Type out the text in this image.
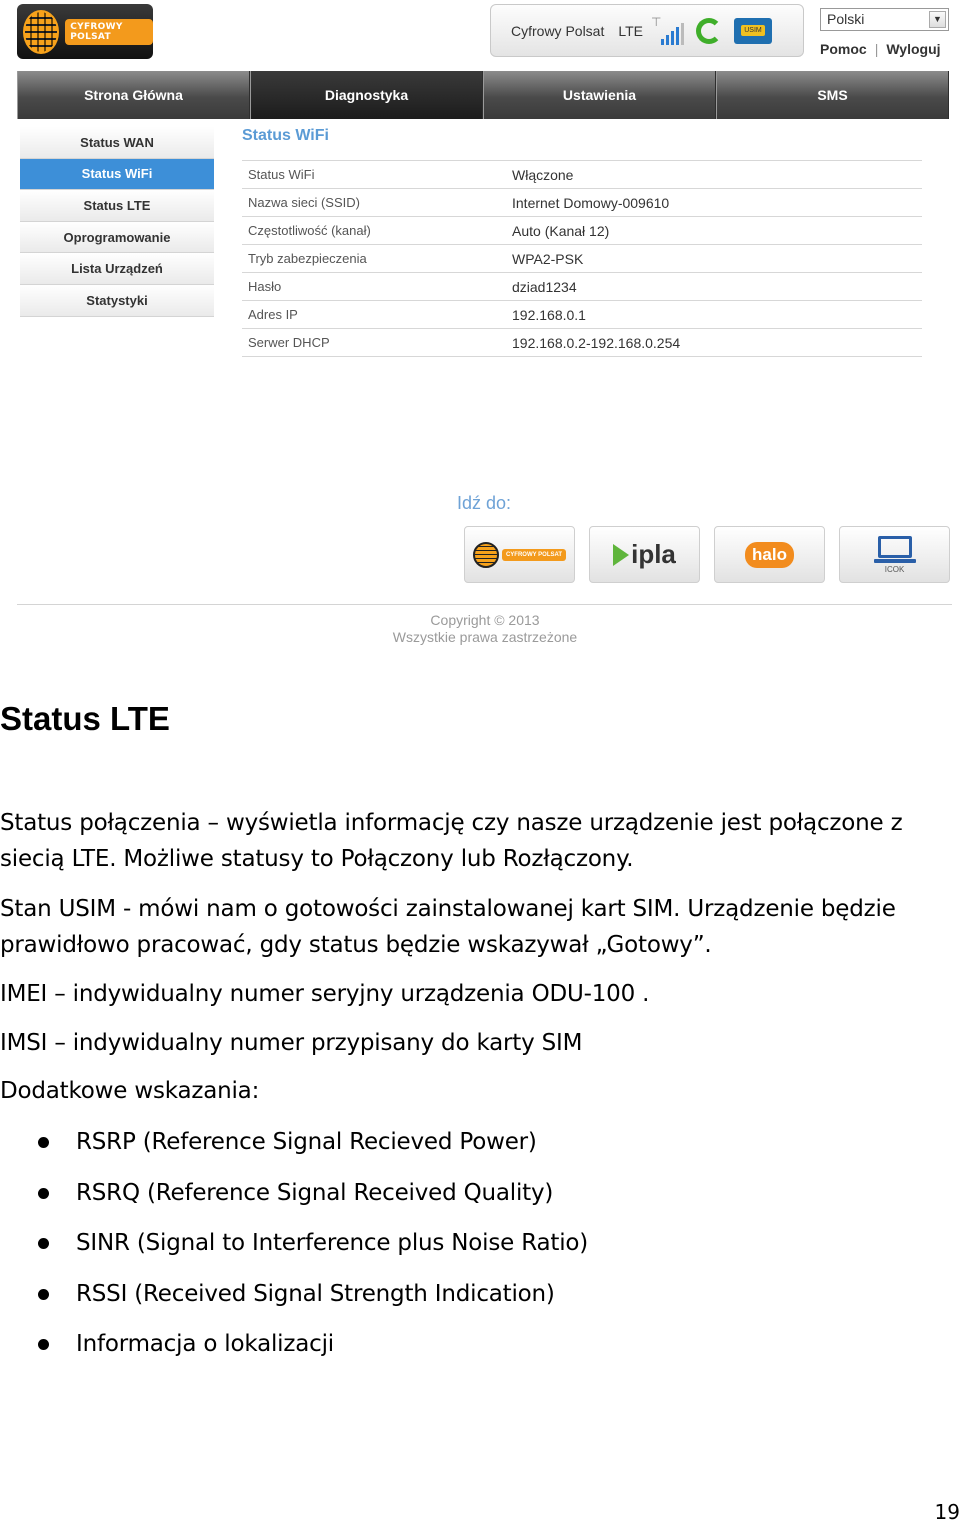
CYFROWY POLSAT	Cyfrowy Polsat LTE
⊤
USIM
Polski	▼
Pomoc | Wyloguj
Strona Główna	Diagnostyka	Ustawienia	SMS
Status WAN
Status WiFi
Status LTE
Oprogramowanie
Lista Urządzeń
Statystyki
Status WiFi
Status WiFi	Włączone
Nazwa sieci (SSID)	Internet Domowy-009610
Częstotliwość (kanał)	Auto (Kanał 12)
Tryb zabezpieczenia	WPA2-PSK
Hasło	dziad1234
Adres IP	192.168.0.1
Serwer DHCP	192.168.0.2-192.168.0.254
Idź do:
CYFROWY POLSAT	ipla	halo
ICOK
Copyright © 2013
Wszystkie prawa zastrzeżone
Status LTE

Status połączenia – wyświetla informację czy nasze urządzenie jest połączone z siecią LTE. Możliwe statusy to Połączony lub Rozłączony.

Stan USIM - mówi nam o gotowości zainstalowanej kart SIM. Urządzenie będzie prawidłowo pracować, gdy status będzie wskazywał „Gotowy”.

IMEI – indywidualny numer seryjny urządzenia ODU-100 .

IMSI – indywidualny numer przypisany do karty SIM

Dodatkowe wskazania:

RSRP (Reference Signal Recieved Power)
RSRQ (Reference Signal Received Quality)
SINR (Signal to Interference plus Noise Ratio)
RSSI (Received Signal Strength Indication)
Informacja o lokalizacji
19
